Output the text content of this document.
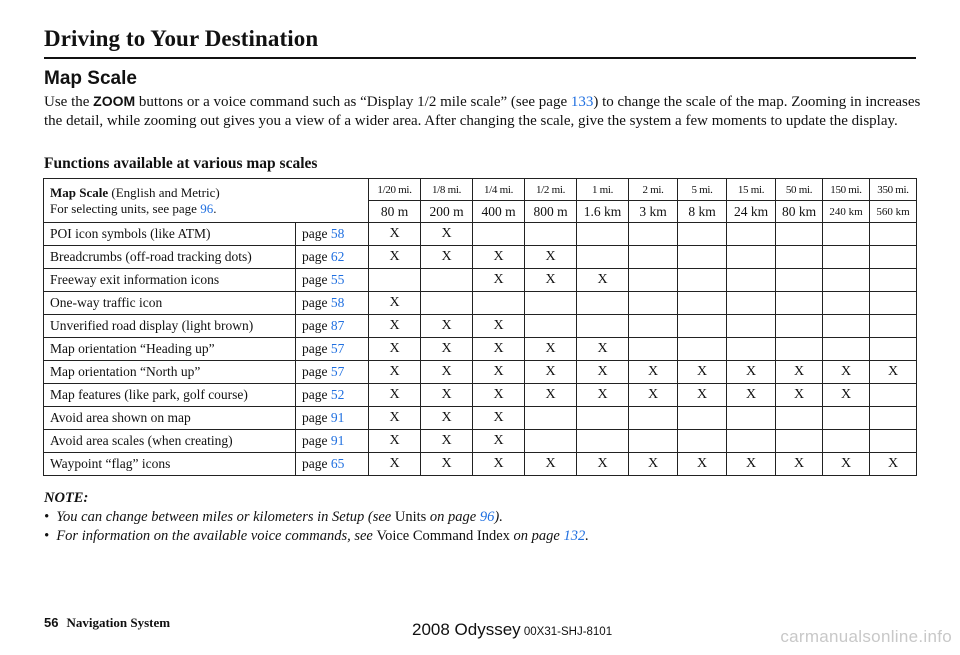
Driving to Your Destination
Map Scale
Use the ZOOM buttons or a voice command such as “Display 1/2 mile scale” (see page 133) to change the scale of the map. Zooming in increases the detail, while zooming out gives you a view of a wider area. After changing the scale, give the system a few moments to update the display.
Functions available at various map scales
Map Scale (English and Metric)
For selecting units, see page 96.		1/20 mi.	1/8 mi.	1/4 mi.	1/2 mi.	1 mi.	2 mi.	5 mi.	15 mi.	50 mi.	150 mi.	350 mi.
		80 m	200 m	400 m	800 m	1.6 km	3 km	8 km	24 km	80 km	240 km	560 km
POI icon symbols (like ATM)	page 58	X	X									
Breadcrumbs (off-road tracking dots)	page 62	X	X	X	X							
Freeway exit information icons	page 55			X	X	X						
One-way traffic icon	page 58	X										
Unverified road display (light brown)	page 87	X	X	X								
Map orientation “Heading up”	page 57	X	X	X	X	X						
Map orientation “North up”	page 57	X	X	X	X	X	X	X	X	X	X	X
Map features (like park, golf course)	page 52	X	X	X	X	X	X	X	X	X	X	
Avoid area shown on map	page 91	X	X	X								
Avoid area scales (when creating)	page 91	X	X	X								
Waypoint “flag” icons	page 65	X	X	X	X	X	X	X	X	X	X	X
NOTE:
•  You can change between miles or kilometers in Setup (see Units on page 96).
•  For information on the available voice commands, see Voice Command Index on page 132.
56 Navigation System	2008 Odyssey 00X31-SHJ-8101	carmanualsonline.info
